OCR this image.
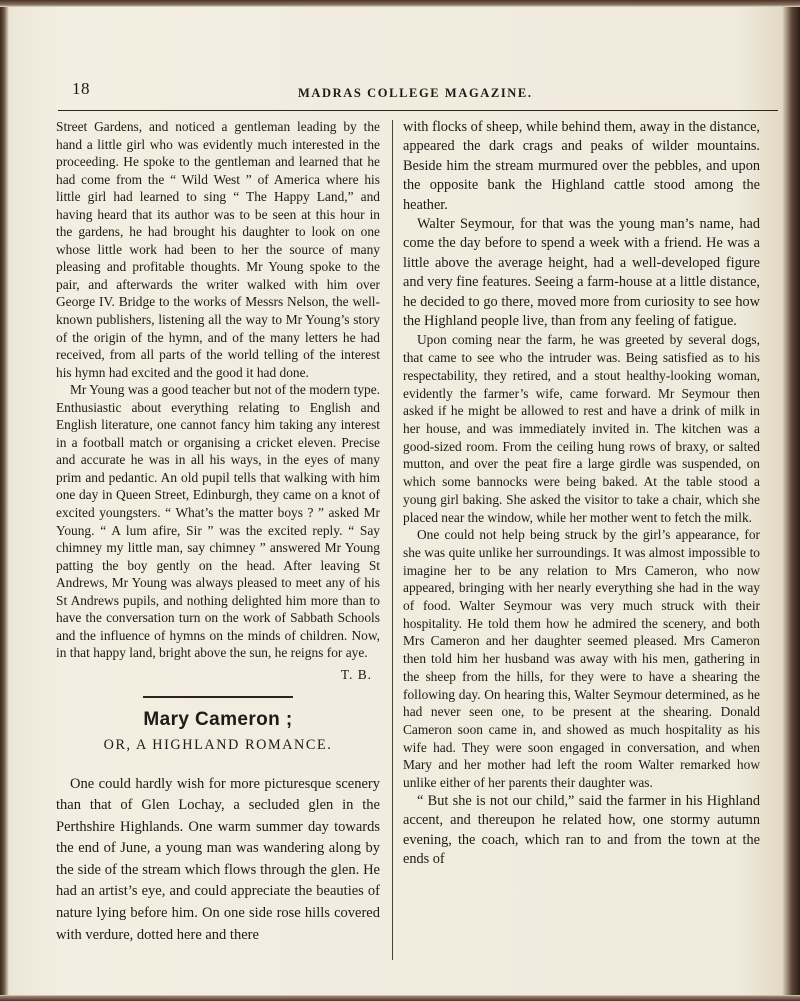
18	MADRAS COLLEGE MAGAZINE.

Street Gardens, and noticed a gentleman leading by the hand a little girl who was evidently much interested in the proceeding. He spoke to the gentleman and learned that he had come from the “ Wild West ” of America where his little girl had learned to sing “ The Happy Land,” and having heard that its author was to be seen at this hour in the gardens, he had brought his daughter to look on one whose little work had been to her the source of many pleasing and profitable thoughts. Mr Young spoke to the pair, and afterwards the writer walked with him over George IV. Bridge to the works of Messrs Nelson, the well-known publishers, listening all the way to Mr Young’s story of the origin of the hymn, and of the many letters he had received, from all parts of the world telling of the interest his hymn had excited and the good it had done.

Mr Young was a good teacher but not of the modern type. Enthusiastic about everything relating to English and English literature, one cannot fancy him taking any interest in a football match or organising a cricket eleven. Precise and accurate he was in all his ways, in the eyes of many prim and pedantic. An old pupil tells that walking with him one day in Queen Street, Edinburgh, they came on a knot of excited youngsters. “ What’s the matter boys ? ” asked Mr Young. “ A lum afire, Sir ” was the excited reply. “ Say chimney my little man, say chimney ” answered Mr Young patting the boy gently on the head. After leaving St Andrews, Mr Young was always pleased to meet any of his St Andrews pupils, and nothing delighted him more than to have the conversation turn on the work of Sabbath Schools and the influence of hymns on the minds of children. Now, in that happy land, bright above the sun, he reigns for aye.

T. B.
Mary Cameron ;
OR, A HIGHLAND ROMANCE.

One could hardly wish for more picturesque scenery than that of Glen Lochay, a secluded glen in the Perthshire Highlands. One warm summer day towards the end of June, a young man was wandering along by the side of the stream which flows through the glen. He had an artist’s eye, and could appreciate the beauties of nature lying before him. On one side rose hills covered with verdure, dotted here and there

with flocks of sheep, while behind them, away in the distance, appeared the dark crags and peaks of wilder mountains. Beside him the stream murmured over the pebbles, and upon the opposite bank the Highland cattle stood among the heather.

Walter Seymour, for that was the young man’s name, had come the day before to spend a week with a friend. He was a little above the average height, had a well-developed figure and very fine features. Seeing a farm-house at a little distance, he decided to go there, moved more from curiosity to see how the Highland people live, than from any feeling of fatigue.

Upon coming near the farm, he was greeted by several dogs, that came to see who the intruder was. Being satisfied as to his respectability, they retired, and a stout healthy-looking woman, evidently the farmer’s wife, came forward. Mr Seymour then asked if he might be allowed to rest and have a drink of milk in her house, and was immediately invited in. The kitchen was a good-sized room. From the ceiling hung rows of braxy, or salted mutton, and over the peat fire a large girdle was suspended, on which some bannocks were being baked. At the table stood a young girl baking. She asked the visitor to take a chair, which she placed near the window, while her mother went to fetch the milk.

One could not help being struck by the girl’s appearance, for she was quite unlike her surroundings. It was almost impossible to imagine her to be any relation to Mrs Cameron, who now appeared, bringing with her nearly everything she had in the way of food. Walter Seymour was very much struck with their hospitality. He told them how he admired the scenery, and both Mrs Cameron and her daughter seemed pleased. Mrs Cameron then told him her husband was away with his men, gathering in the sheep from the hills, for they were to have a shearing the following day. On hearing this, Walter Seymour determined, as he had never seen one, to be present at the shearing. Donald Cameron soon came in, and showed as much hospitality as his wife had. They were soon engaged in conversation, and when Mary and her mother had left the room Walter remarked how unlike either of her parents their daughter was.

“ But she is not our child,” said the farmer in his Highland accent, and thereupon he related how, one stormy autumn evening, the coach, which ran to and from the town at the ends of
